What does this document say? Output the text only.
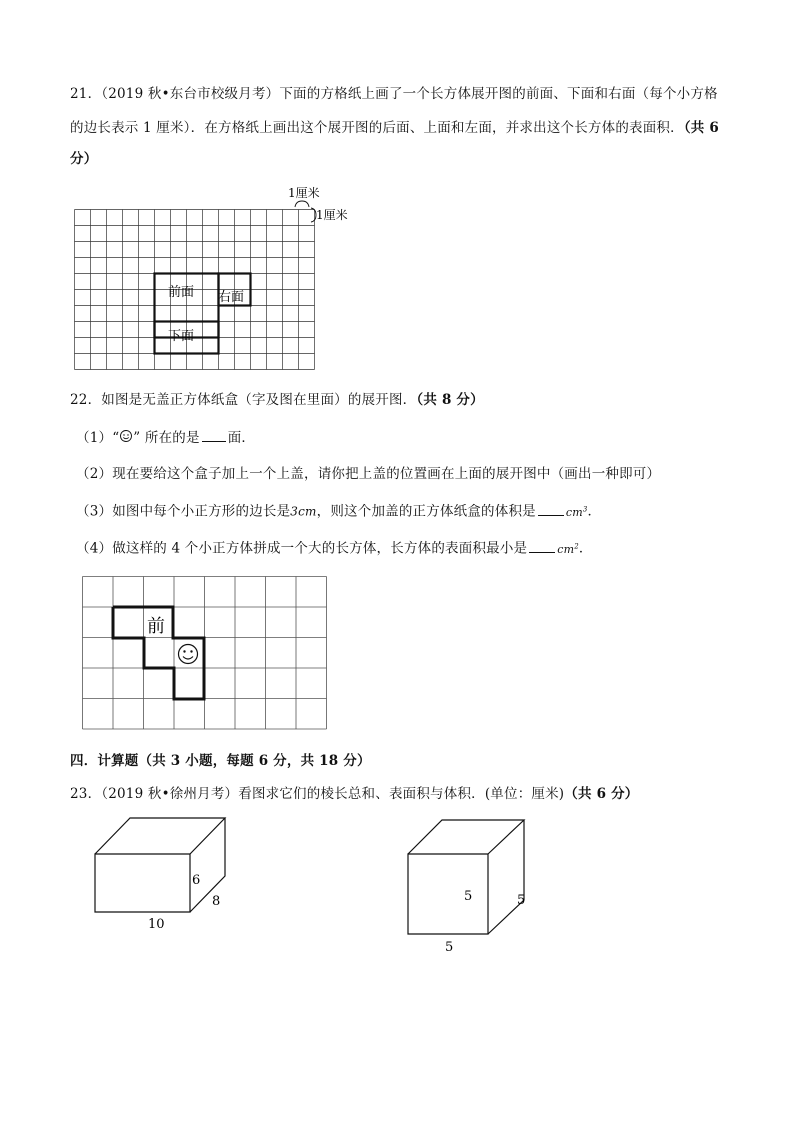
21．（2019 秋•东台市校级月考）下面的方格纸上画了一个长方体展开图的前面、下面和右面（每个小方格
的边长表示 1 厘米）．在方格纸上画出这个展开图的后面、上面和左面，并求出这个长方体的表面积．（共 6
分）
前面 右面
下面
1厘米
1厘米
22．如图是无盖正方体纸盒（字及图在里面）的展开图．（共 8 分）
（1）“ ” 所在的是 面．
（2）现在要给这个盒子加上一个上盖，请你把上盖的位置画在上面的展开图中（画出一种即可）
（3）如图中每个小正方形的边长是3cm，则这个加盖的正方体纸盒的体积是	$cm^3$．
（4）做这样的 4 个小正方体拼成一个大的长方体，长方体的表面积最小是	$cm^2$．
前
四．计算题（共 3 小题，每题 6 分，共 18 分）
23．（2019 秋•徐州月考）看图求它们的棱长总和、表面积与体积．(单位：厘米)（共 6 分）
6
8
10
5	5
5
